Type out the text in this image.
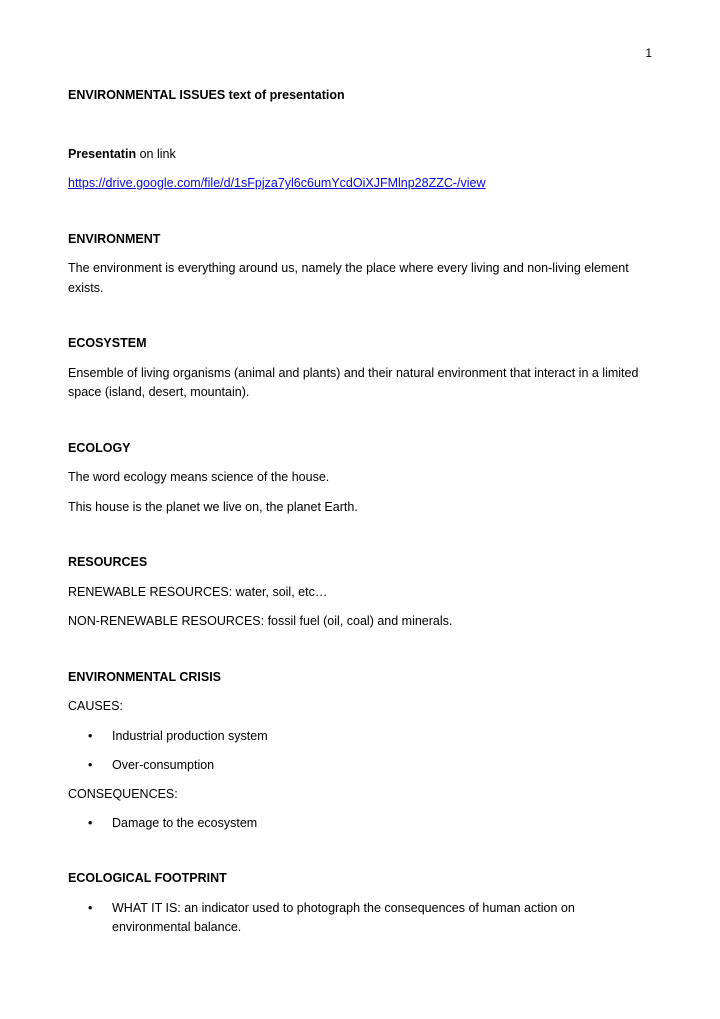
1

ENVIRONMENTAL ISSUES text of presentation

Presentatin on link

https://drive.google.com/file/d/1sFpjza7yl6c6umYcdOiXJFMlnp28ZZC-/view

ENVIRONMENT

The environment is everything around us, namely the place where every living and non-living element exists.

ECOSYSTEM

Ensemble of living organisms (animal and plants) and their natural environment that interact in a limited space (island, desert, mountain).

ECOLOGY

The word ecology means science of the house.

This house is the planet we live on, the planet Earth.

RESOURCES

RENEWABLE RESOURCES: water, soil, etc…

NON-RENEWABLE RESOURCES: fossil fuel (oil, coal) and minerals.

ENVIRONMENTAL CRISIS

CAUSES:

• Industrial production system
• Over-consumption

CONSEQUENCES:

• Damage to the ecosystem

ECOLOGICAL FOOTPRINT

• WHAT IT IS: an indicator used to photograph the consequences of human action on environmental balance.
